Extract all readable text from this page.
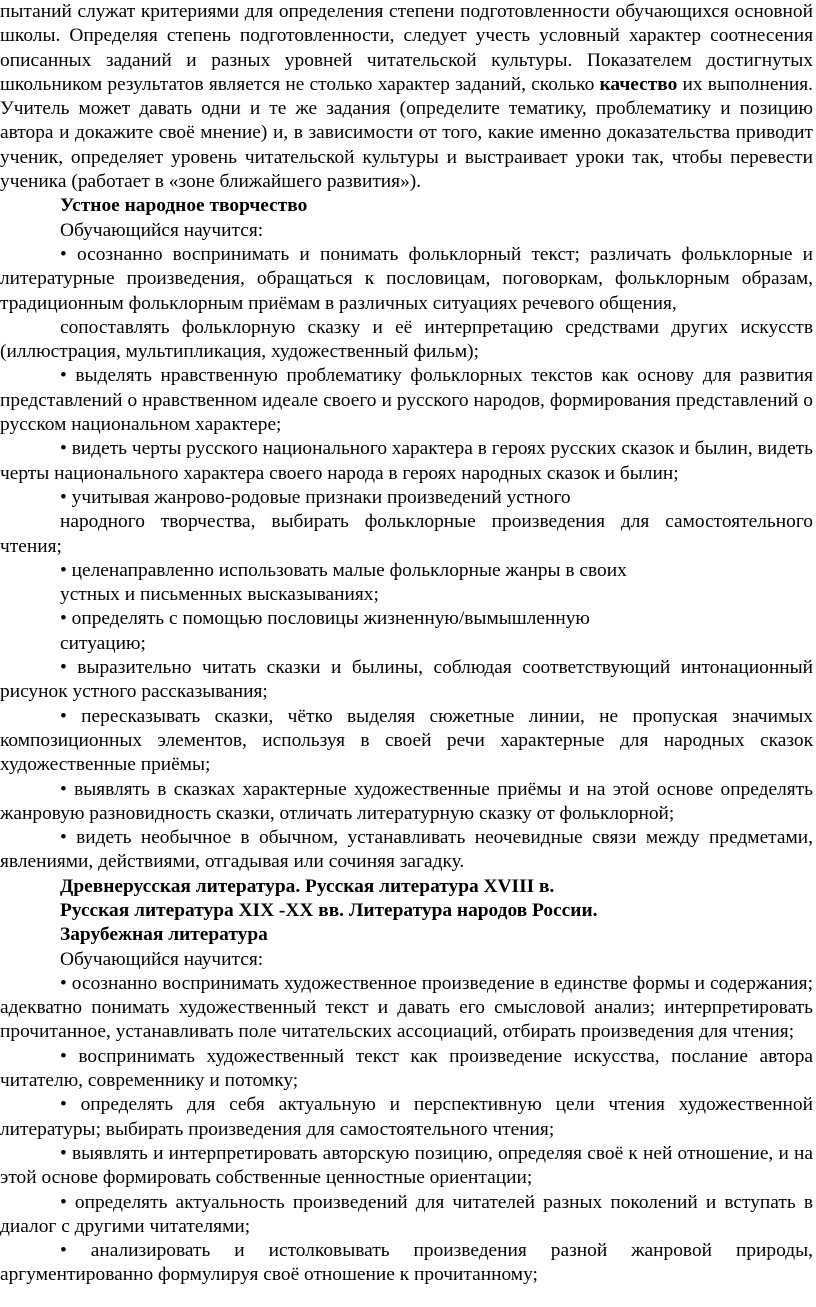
пытаний служат критериями для определения степени подготовленности обучающихся основной школы. Определяя степень подготовленности, следует учесть условный характер соотнесения описанных заданий и разных уровней читательской культуры. Показателем достигнутых школьником результатов является не столько характер заданий, сколько качество их выполнения. Учитель может давать одни и те же задания (определите тематику, проблематику и позицию автора и докажите своё мнение) и, в зависимости от того, какие именно доказательства приводит ученик, определяет уровень читательской культуры и выстраивает уроки так, чтобы перевести ученика (работает в «зоне ближайшего развития»).

Устное народное творчество

Обучающийся научится:

• осознанно воспринимать и понимать фольклорный текст; различать фольклорные и литературные произведения, обращаться к пословицам, поговоркам, фольклорным образам, традиционным фольклорным приёмам в различных ситуациях речевого общения,

сопоставлять фольклорную сказку и её интерпретацию средствами других искусств (иллюстрация, мультипликация, художественный фильм);

• выделять нравственную проблематику фольклорных текстов как основу для развития представлений о нравственном идеале своего и русского народов, формирования представлений о русском национальном характере;

• видеть черты русского национального характера в героях русских сказок и былин, видеть черты национального характера своего народа в героях народных сказок и былин;

• учитывая жанрово-родовые признаки произведений устного

народного творчества, выбирать фольклорные произведения для самостоятельного чтения;

• целенаправленно использовать малые фольклорные жанры в своих

устных и письменных высказываниях;

• определять с помощью пословицы жизненную/вымышленную

ситуацию;

• выразительно читать сказки и былины, соблюдая соответствующий интонационный рисунок устного рассказывания;

• пересказывать сказки, чётко выделяя сюжетные линии, не пропуская значимых композиционных элементов, используя в своей речи характерные для народных сказок художественные приёмы;

• выявлять в сказках характерные художественные приёмы и на этой основе определять жанровую разновидность сказки, отличать литературную сказку от фольклорной;

• видеть необычное в обычном, устанавливать неочевидные связи между предметами, явлениями, действиями, отгадывая или сочиняя загадку.

Древнерусская литература. Русская литература XVIII в.

Русская литература XIX -XX вв. Литература народов России.

Зарубежная литература

Обучающийся научится:

• осознанно воспринимать художественное произведение в единстве формы и содержания; адекватно понимать художественный текст и давать его смысловой анализ; интерпретировать прочитанное, устанавливать поле читательских ассоциаций, отбирать произведения для чтения;

• воспринимать художественный текст как произведение искусства, послание автора читателю, современнику и потомку;

• определять для себя актуальную и перспективную цели чтения художественной литературы; выбирать произведения для самостоятельного чтения;

• выявлять и интерпретировать авторскую позицию, определяя своё к ней отношение, и на этой основе формировать собственные ценностные ориентации;

• определять актуальность произведений для читателей разных поколений и вступать в диалог с другими читателями;

• анализировать и истолковывать произведения разной жанровой природы, аргументированно формулируя своё отношение к прочитанному;
